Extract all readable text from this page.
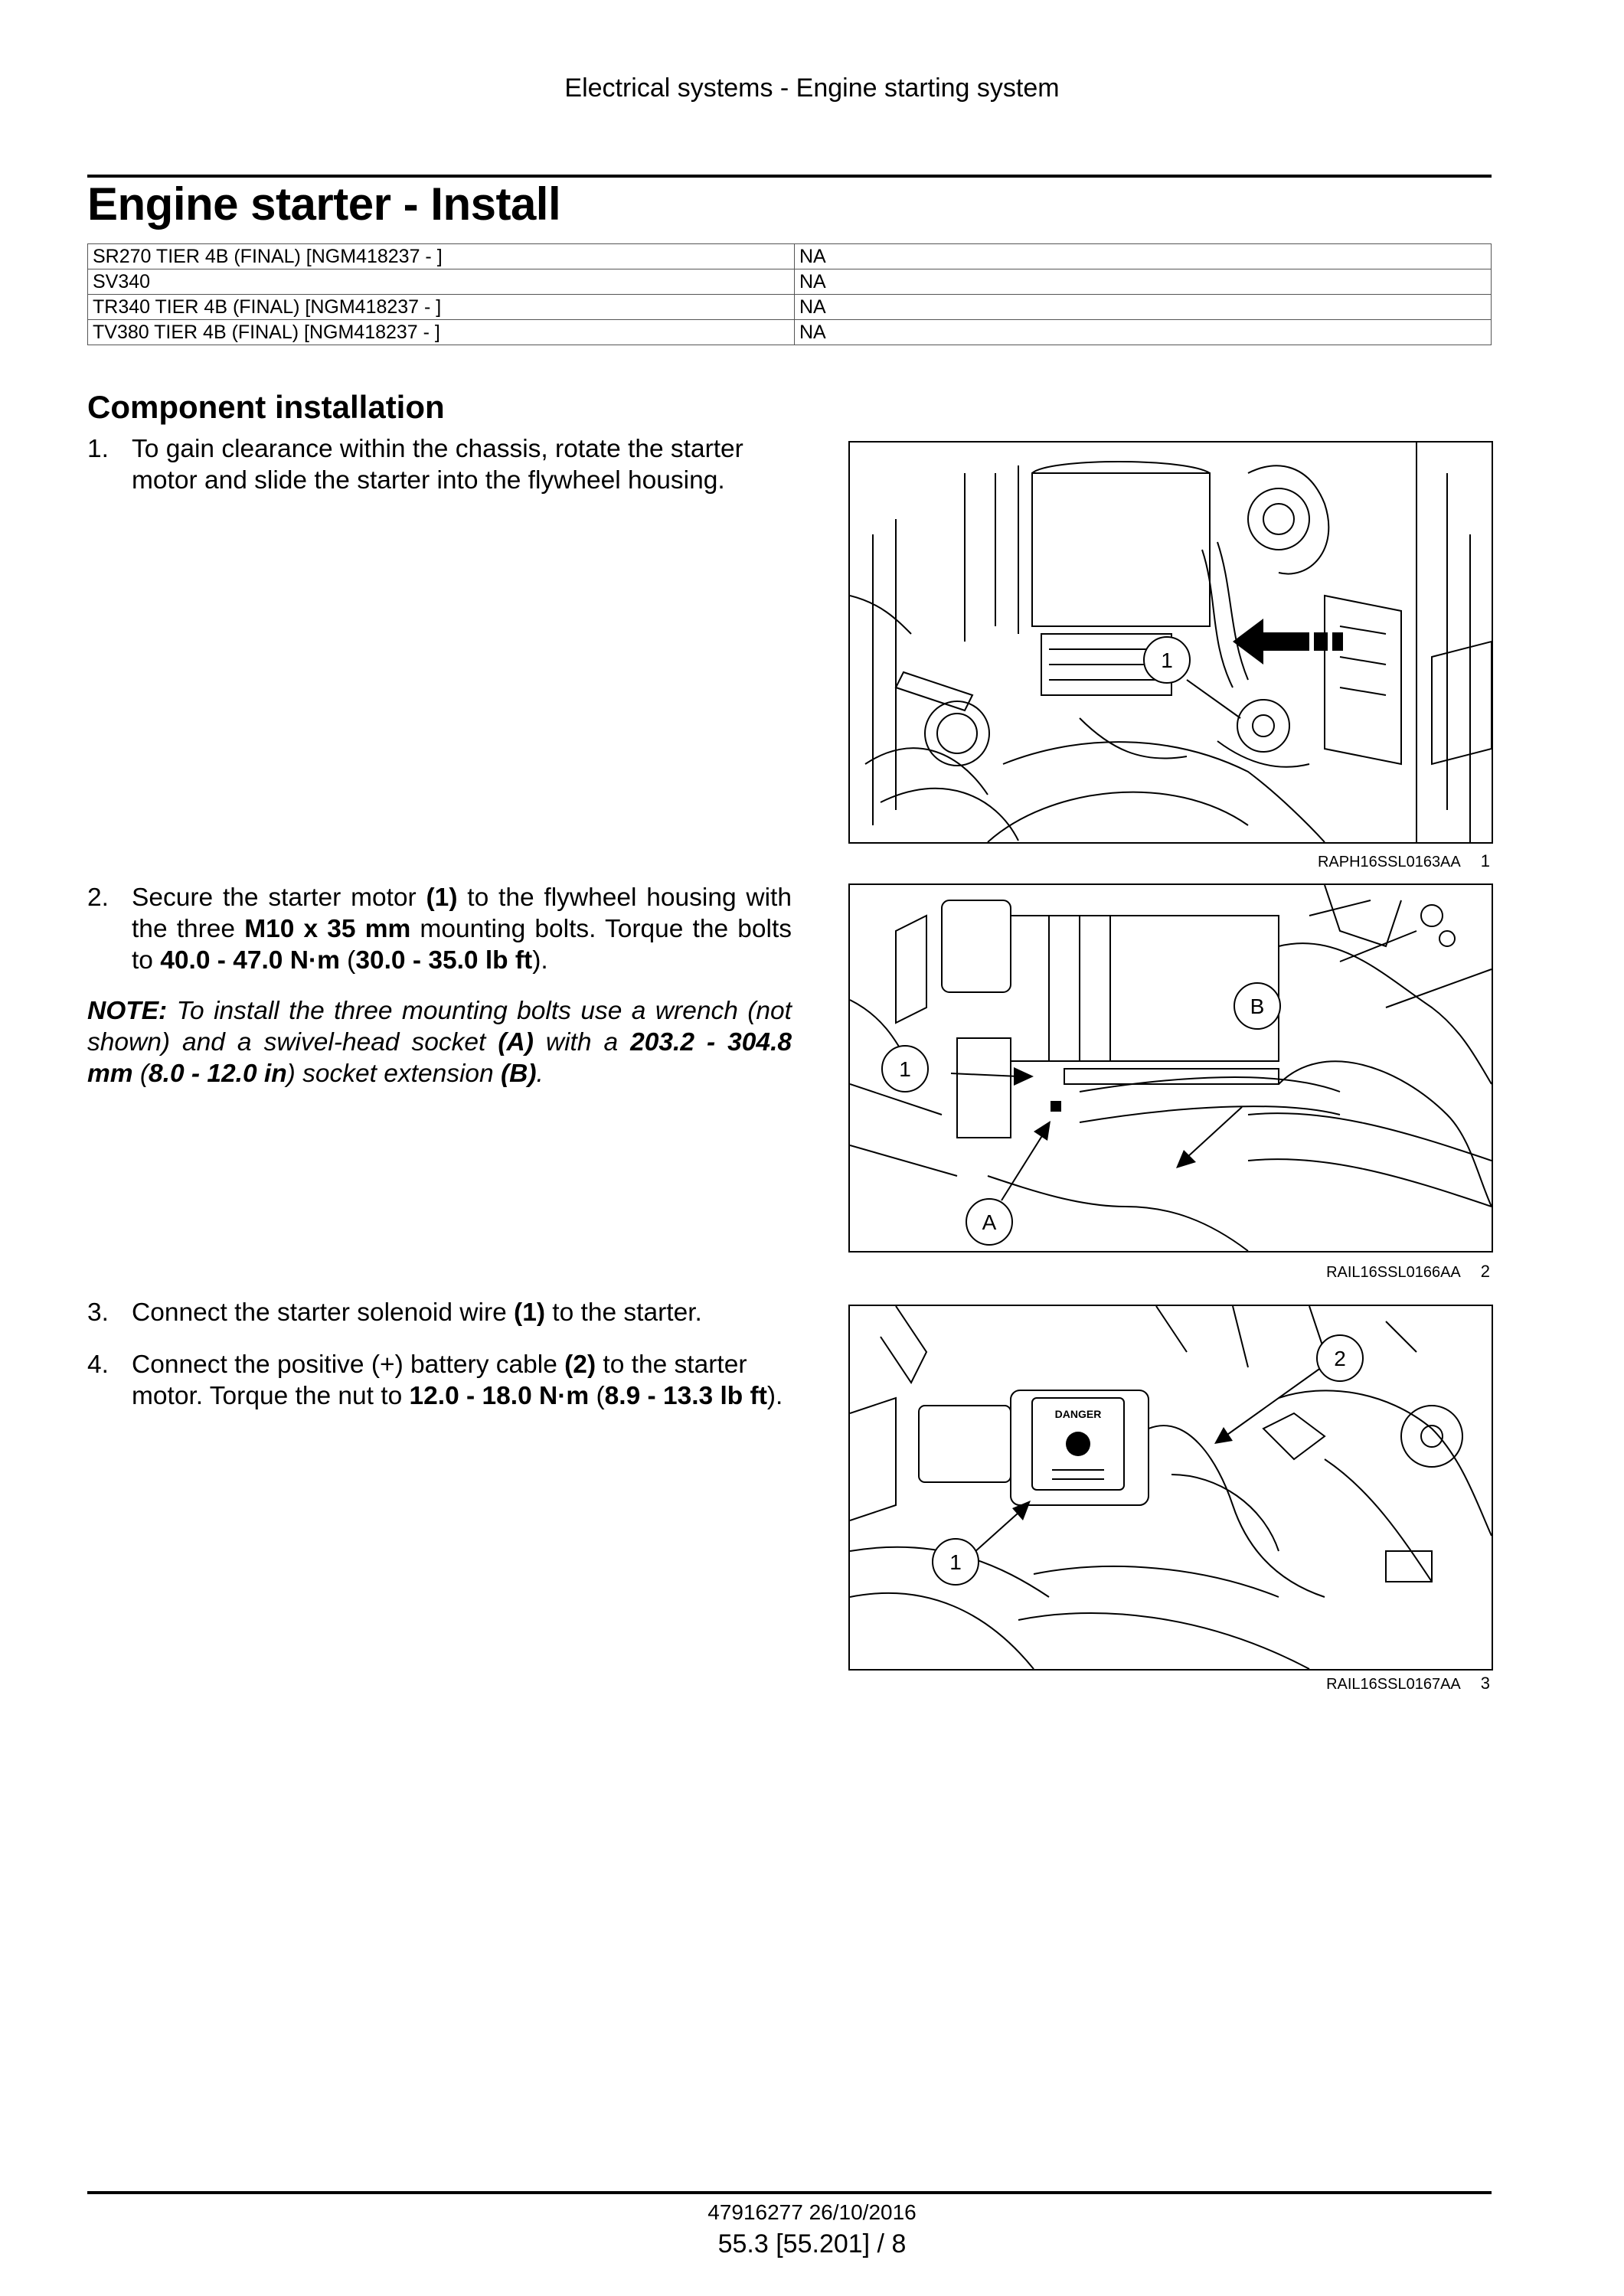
Electrical systems - Engine starting system
Engine starter - Install
SR270 TIER 4B (FINAL) [NGM418237 - ]	NA
SV340	NA
TR340 TIER 4B (FINAL) [NGM418237 - ]	NA
TV380 TIER 4B (FINAL) [NGM418237 - ]	NA
Component installation
1. To gain clearance within the chassis, rotate the starter motor and slide the starter into the flywheel housing.
2. Secure the starter motor (1) to the flywheel housing with the three M10 x 35 mm mounting bolts. Torque the bolts to 40.0 - 47.0 N·m (30.0 - 35.0 lb ft).
NOTE: To install the three mounting bolts use a wrench (not shown) and a swivel-head socket (A) with a 203.2 - 304.8 mm (8.0 - 12.0 in) socket extension (B).
3. Connect the starter solenoid wire (1) to the starter.
4. Connect the positive (+) battery cable (2) to the starter motor. Torque the nut to 12.0 - 18.0 N·m (8.9 - 13.3 lb ft).
1
RAPH16SSL0163AA 1
1
A
B
RAIL16SSL0166AA 2
DANGER
1
2
RAIL16SSL0167AA 3
47916277 26/10/2016
55.3 [55.201] / 8
